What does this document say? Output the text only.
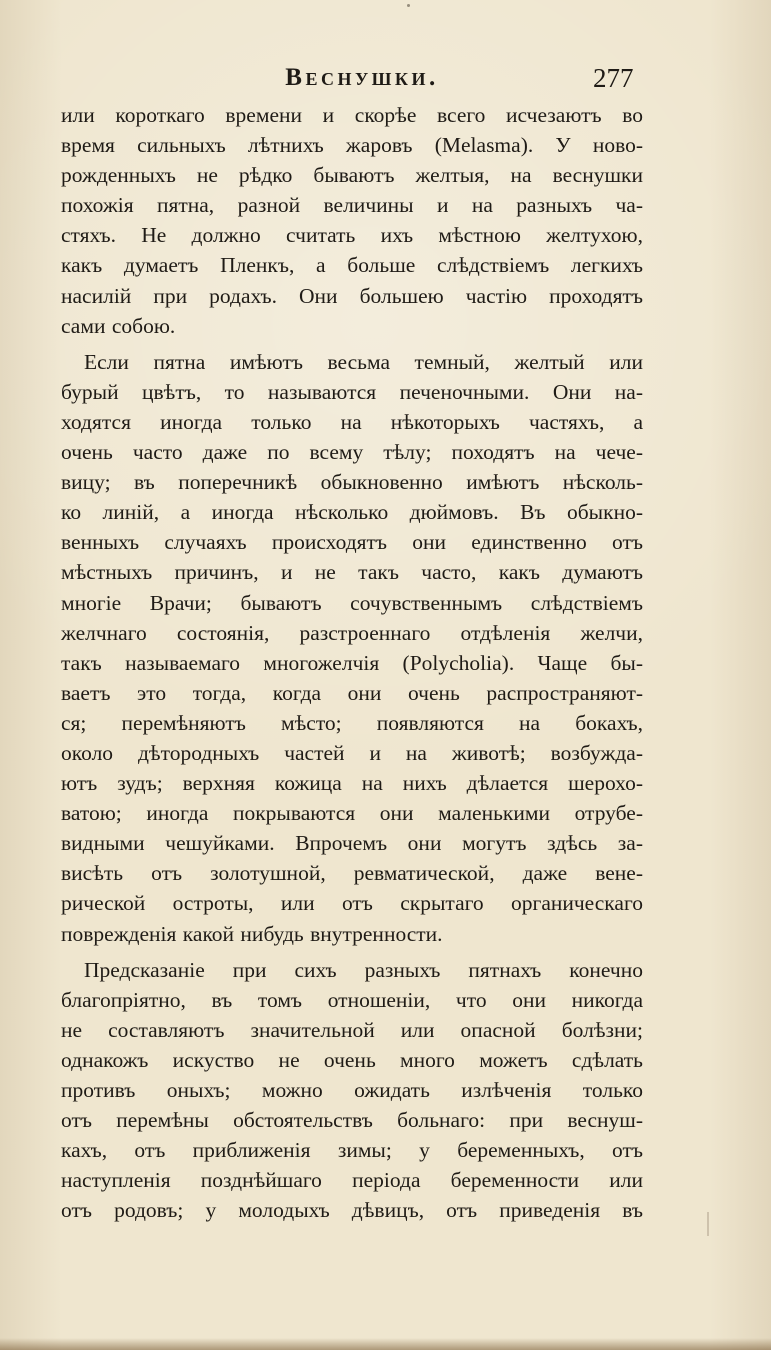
Веснушки.	277
или короткаго времени и скорѣе всего исчезаютъ во
время сильныхъ лѣтнихъ жаровъ (Melasma). У ново-
рожденныхъ не рѣдко бываютъ желтыя, на веснушки
похожія пятна, разной величины и на разныхъ ча-
стяхъ. Не должно считать ихъ мѣстною желтухою,
какъ думаетъ Пленкъ, а больше слѣдствіемъ легкихъ
насилій при родахъ. Они большею частію проходятъ
сами собою.
Если пятна имѣютъ весьма темный, желтый или
бурый цвѣтъ, то называются печеночными. Они на-
ходятся иногда только на нѣкоторыхъ частяхъ, а
очень часто даже по всему тѣлу; походятъ на чече-
вицу; въ поперечникѣ обыкновенно имѣютъ нѣсколь-
ко линій, а иногда нѣсколько дюймовъ. Въ обыкно-
венныхъ случаяхъ происходятъ они единственно отъ
мѣстныхъ причинъ, и не такъ часто, какъ думаютъ
многіе Врачи; бываютъ сочувственнымъ слѣдствіемъ
желчнаго состоянія, разстроеннаго отдѣленія желчи,
такъ называемаго многожелчія (Polycholia). Чаще бы-
ваетъ это тогда, когда они очень распространяют-
ся; перемѣняютъ мѣсто; появляются на бокахъ,
около дѣтородныхъ частей и на животѣ; возбужда-
ютъ зудъ; верхняя кожица на нихъ дѣлается шерохо-
ватою; иногда покрываются они маленькими отрубе-
видными чешуйками. Впрочемъ они могутъ здѣсь за-
висѣть отъ золотушной, ревматической, даже вене-
рической остроты, или отъ скрытаго органическаго
поврежденія какой нибудь внутренности.
Предсказаніе при сихъ разныхъ пятнахъ конечно
благопріятно, въ томъ отношеніи, что они никогда
не составляютъ значительной или опасной болѣзни;
однакожъ искуство не очень много можетъ сдѣлать
противъ оныхъ; можно ожидать излѣченія только
отъ перемѣны обстоятельствъ больнаго: при веснуш-
кахъ, отъ приближенія зимы; у беременныхъ, отъ
наступленія позднѣйшаго періода беременности или
отъ родовъ; у молодыхъ дѣвицъ, отъ приведенія въ
